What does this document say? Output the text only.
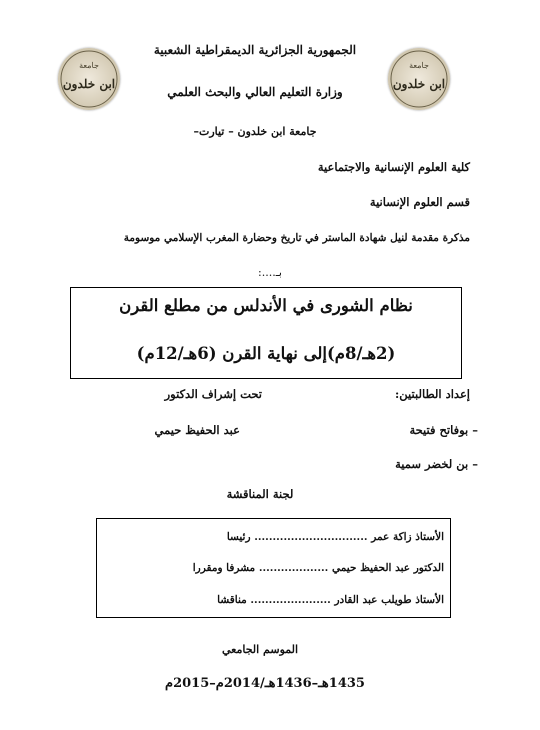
جامعة
ابن خلدون
جامعة
ابن خلدون
الجمهورية الجزائرية الديمقراطية الشعبية
وزارة التعليم العالي والبحث العلمي
جامعة ابن خلدون – تيارت–
كلية العلوم الإنسانية والاجتماعية
قسم العلوم الإنسانية
مذكرة مقدمة لنيل شهادة الماستر في تاريخ وحضارة المغرب الإسلامي موسومة
بـ....:
نظام الشورى في الأندلس من مطلع القرن
(2هـ/8م)إلى نهاية القرن (6هـ/12م)
إعداد الطالبتين:
تحت إشراف الدكتور
– بوفاتح فتيحة
عبد الحفيظ حيمي
– بن لخضر سمية
لجنة المناقشة
الأستاذ زاكة عمر ............................... رئيسا
الدكتور عبد الحفيظ حيمي ................... مشرفا ومقررا
الأستاذ طويلب عبد القادر ...................... مناقشا
الموسم الجامعي
1435هـ–1436هـ/2014م–2015م
